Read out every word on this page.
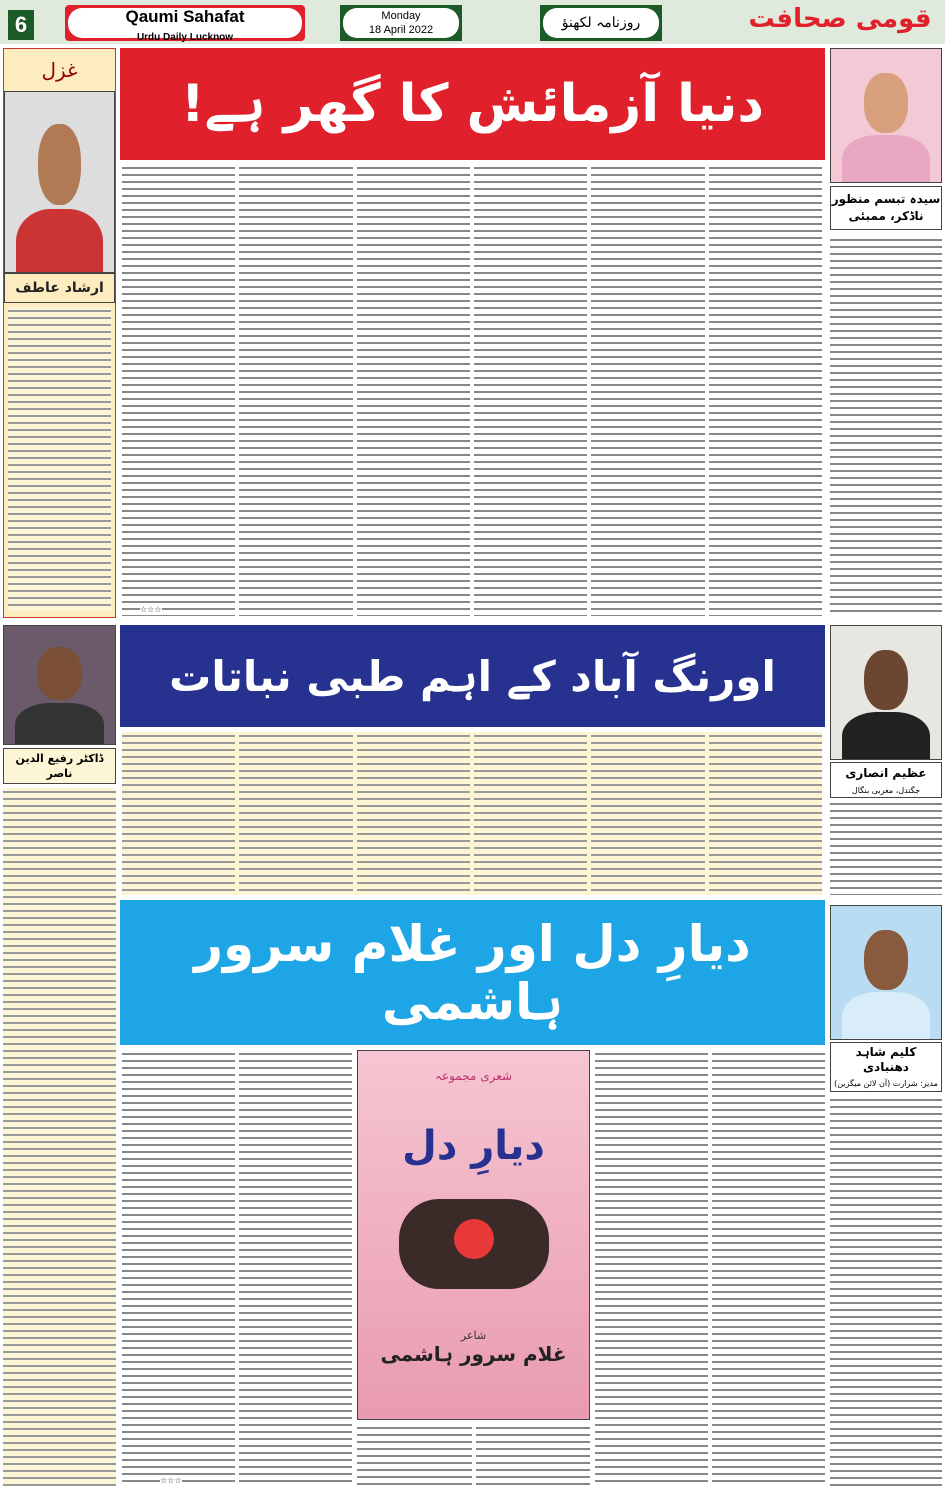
6	Qaumi Sahafat
Urdu Daily Lucknow
Monday
18 April 2022	روزنامہ لکھنؤ	قومی صحافت
غزل
ارشاد عاطف
دنیا آزمائش کا گھر ہے!
سیدہ تبسم منظور ناڈکر، ممبئی
ڈاکٹر رفیع الدین ناصر
اورنگ آباد کے اہم طبی نباتات
عظیم انصاری
جگتدل، مغربی بنگال
دیارِ دل اور غلام سرور ہاشمی
کلیم شاہد دھنبادی
مدیر: شرارت (آن لائن میگزین)
شعری مجموعہ
دیارِ دل
شاعر
غلام سرور ہاشمی
☆☆☆
☆☆☆
